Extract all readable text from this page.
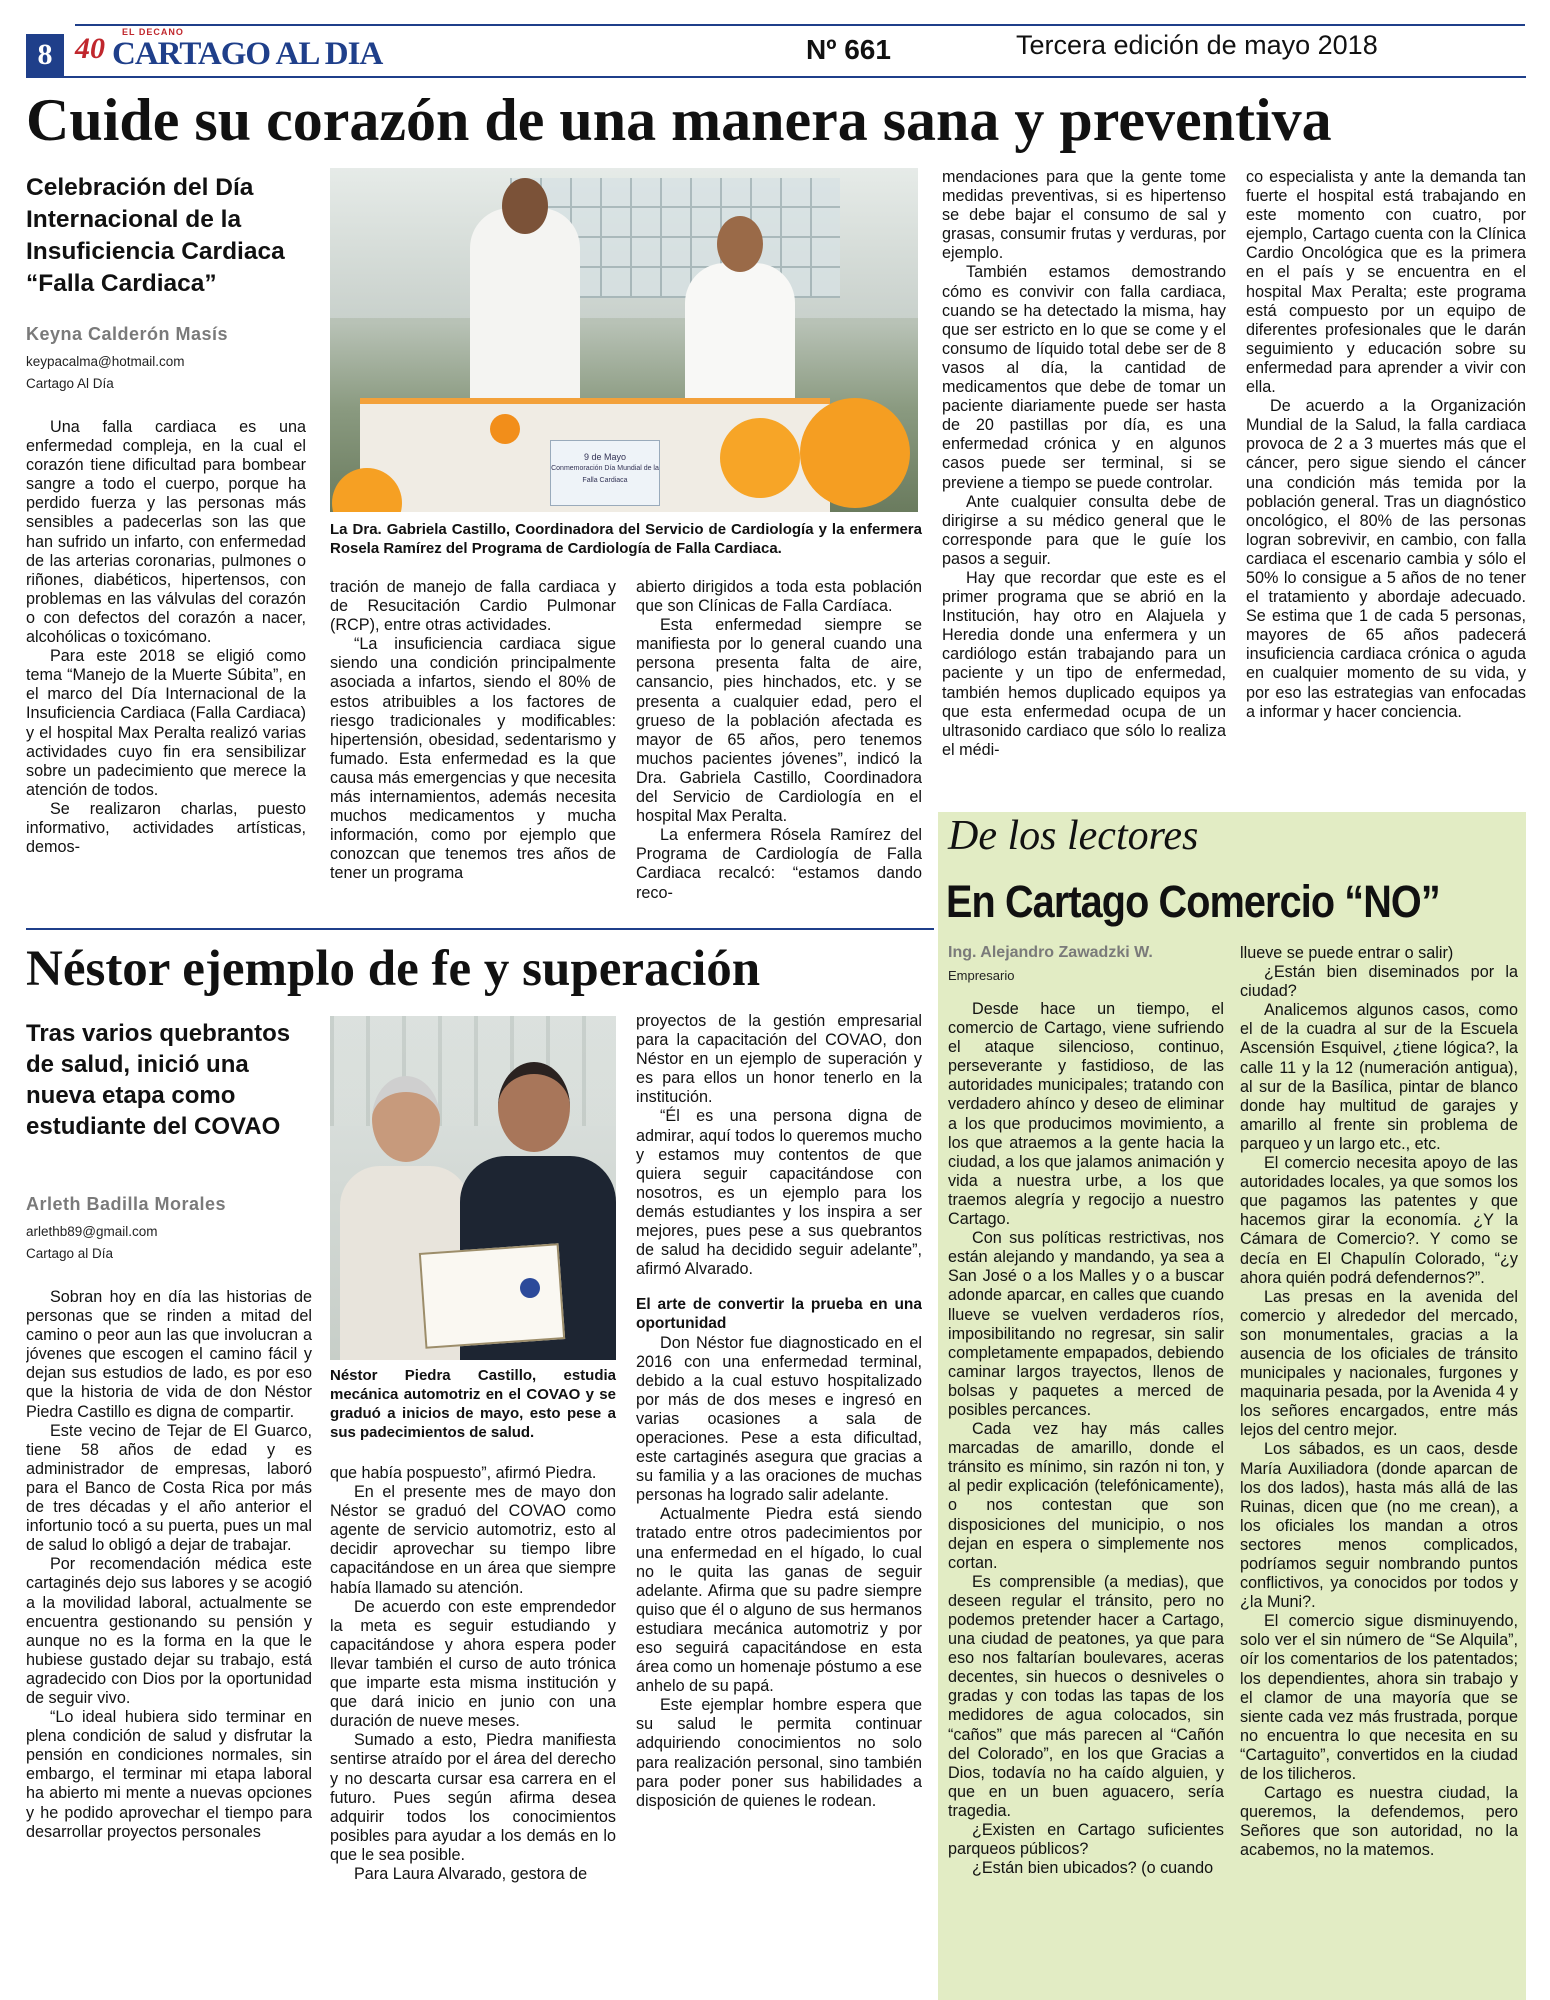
8
EL DECANO
40 CARTAGO AL DIA	Nº 661	Tercera edición de mayo 2018
Cuide su corazón de una manera sana y preventiva
Celebración del Día Internacional de la Insuficiencia Cardiaca “Falla Cardiaca”
Keyna Calderón Masís
keypacalma@hotmail.com
Cartago Al Día

Una falla cardiaca es una enfermedad compleja, en la cual el corazón tiene dificultad para bombear sangre a todo el cuerpo, porque ha perdido fuerza y las personas más sensibles a padecerlas son las que han sufrido un infarto, con enfermedad de las arterias coronarias, pulmones o riñones, diabéticos, hipertensos, con problemas en las válvulas del corazón o con defectos del corazón a nacer, alcohólicas o toxicómano.

Para este 2018 se eligió como tema “Manejo de la Muerte Súbita”, en el marco del Día Internacional de la Insuficiencia Cardiaca (Falla Cardiaca) y el hospital Max Peralta realizó varias actividades cuyo fin era sensibilizar sobre un padecimiento que merece la atención de todos.

Se realizaron charlas, puesto informativo, actividades artísticas, demos-

9 de Mayo
Conmemoración Día Mundial de la Falla Cardiaca
La Dra. Gabriela Castillo, Coordinadora del Servicio de Cardiología y la enfermera Rosela Ramírez del Programa de Cardiología de Falla Cardiaca.

tración de manejo de falla cardiaca y de Resucitación Cardio Pulmonar (RCP), entre otras actividades.

“La insuficiencia cardiaca sigue siendo una condición principalmente asociada a infartos, siendo el 80% de estos atribuibles a los factores de riesgo tradicionales y modificables: hipertensión, obesidad, sedentarismo y fumado. Esta enfermedad es la que causa más emergencias y que necesita más internamientos, además necesita muchos medicamentos y mucha información, como por ejemplo que conozcan que tenemos tres años de tener un programa

abierto dirigidos a toda esta población que son Clínicas de Falla Cardíaca.

Esta enfermedad siempre se manifiesta por lo general cuando una persona presenta falta de aire, cansancio, pies hinchados, etc. y se presenta a cualquier edad, pero el grueso de la población afectada es mayor de 65 años, pero tenemos muchos pacientes jóvenes”, indicó la Dra. Gabriela Castillo, Coordinadora del Servicio de Cardiología en el hospital Max Peralta.

La enfermera Rósela Ramírez del Programa de Cardiología de Falla Cardiaca recalcó: “estamos dando reco-

mendaciones para que la gente tome medidas preventivas, si es hipertenso se debe bajar el consumo de sal y grasas, consumir frutas y verduras, por ejemplo.

También estamos demostrando cómo es convivir con falla cardiaca, cuando se ha detectado la misma, hay que ser estricto en lo que se come y el consumo de líquido total debe ser de 8 vasos al día, la cantidad de medicamentos que debe de tomar un paciente diariamente puede ser hasta de 20 pastillas por día, es una enfermedad crónica y en algunos casos puede ser terminal, si se previene a tiempo se puede controlar.

Ante cualquier consulta debe de dirigirse a su médico general que le corresponde para que le guíe los pasos a seguir.

Hay que recordar que este es el primer programa que se abrió en la Institución, hay otro en Alajuela y Heredia donde una enfermera y un cardiólogo están trabajando para un paciente y un tipo de enfermedad, también hemos duplicado equipos ya que esta enfermedad ocupa de un ultrasonido cardiaco que sólo lo realiza el médi-

co especialista y ante la demanda tan fuerte el hospital está trabajando en este momento con cuatro, por ejemplo, Cartago cuenta con la Clínica Cardio Oncológica que es la primera en el país y se encuentra en el hospital Max Peralta; este programa está compuesto por un equipo de diferentes profesionales que le darán seguimiento y educación sobre su enfermedad para aprender a vivir con ella.

De acuerdo a la Organización Mundial de la Salud, la falla cardiaca provoca de 2 a 3 muertes más que el cáncer, pero sigue siendo el cáncer una condición más temida por la población general. Tras un diagnóstico oncológico, el 80% de las personas logran sobrevivir, en cambio, con falla cardiaca el escenario cambia y sólo el 50% lo consigue a 5 años de no tener el tratamiento y abordaje adecuado. Se estima que 1 de cada 5 personas, mayores de 65 años padecerá insuficiencia cardiaca crónica o aguda en cualquier momento de su vida, y por eso las estrategias van enfocadas a informar y hacer conciencia.

Néstor ejemplo de fe y superación
Tras varios quebrantos de salud, inició una nueva etapa como estudiante del COVAO
Arleth Badilla Morales
arlethb89@gmail.com
Cartago al Día

Sobran hoy en día las historias de personas que se rinden a mitad del camino o peor aun las que involucran a jóvenes que escogen el camino fácil y dejan sus estudios de lado, es por eso que la historia de vida de don Néstor Piedra Castillo es digna de compartir.

Este vecino de Tejar de El Guarco, tiene 58 años de edad y es administrador de empresas, laboró para el Banco de Costa Rica por más de tres décadas y el año anterior el infortunio tocó a su puerta, pues un mal de salud lo obligó a dejar de trabajar.

Por recomendación médica este cartaginés dejo sus labores y se acogió a la movilidad laboral, actualmente se encuentra gestionando su pensión y aunque no es la forma en la que le hubiese gustado dejar su trabajo, está agradecido con Dios por la oportunidad de seguir vivo.

“Lo ideal hubiera sido terminar en plena condición de salud y disfrutar la pensión en condiciones normales, sin embargo, el terminar mi etapa laboral ha abierto mi mente a nuevas opciones y he podido aprovechar el tiempo para desarrollar proyectos personales

Néstor Piedra Castillo, estudia mecánica automotriz en el COVAO y se graduó a inicios de mayo, esto pese a sus padecimientos de salud.

que había pospuesto”, afirmó Piedra.

En el presente mes de mayo don Néstor se graduó del COVAO como agente de servicio automotriz, esto al decidir aprovechar su tiempo libre capacitándose en un área que siempre había llamado su atención.

De acuerdo con este emprendedor la meta es seguir estudiando y capacitándose y ahora espera poder llevar también el curso de auto trónica que imparte esta misma institución y que dará inicio en junio con una duración de nueve meses.

Sumado a esto, Piedra manifiesta sentirse atraído por el área del derecho y no descarta cursar esa carrera en el futuro. Pues según afirma desea adquirir todos los conocimientos posibles para ayudar a los demás en lo que le sea posible.

Para Laura Alvarado, gestora de

proyectos de la gestión empresarial para la capacitación del COVAO, don Néstor en un ejemplo de superación y es para ellos un honor tenerlo en la institución.

“Él es una persona digna de admirar, aquí todos lo queremos mucho y estamos muy contentos de que quiera seguir capacitándose con nosotros, es un ejemplo para los demás estudiantes y los inspira a ser mejores, pues pese a sus quebrantos de salud ha decidido seguir adelante”, afirmó Alvarado.

El arte de convertir la prueba en una oportunidad

Don Néstor fue diagnosticado en el 2016 con una enfermedad terminal, debido a la cual estuvo hospitalizado por más de dos meses e ingresó en varias ocasiones a sala de operaciones. Pese a esta dificultad, este cartaginés asegura que gracias a su familia y a las oraciones de muchas personas ha logrado salir adelante.

Actualmente Piedra está siendo tratado entre otros padecimientos por una enfermedad en el hígado, lo cual no le quita las ganas de seguir adelante. Afirma que su padre siempre quiso que él o alguno de sus hermanos estudiara mecánica automotriz y por eso seguirá capacitándose en esta área como un homenaje póstumo a ese anhelo de su papá.

Este ejemplar hombre espera que su salud le permita continuar adquiriendo conocimientos no solo para realización personal, sino también para poder poner sus habilidades a disposición de quienes le rodean.

De los lectores
En Cartago Comercio “NO”
Ing. Alejandro Zawadzki W.
Empresario

Desde hace un tiempo, el comercio de Cartago, viene sufriendo el ataque silencioso, continuo, perseverante y fastidioso, de las autoridades municipales; tratando con verdadero ahínco y deseo de eliminar a los que producimos movimiento, a los que atraemos a la gente hacia la ciudad, a los que jalamos animación y vida a nuestra urbe, a los que traemos alegría y regocijo a nuestro Cartago.

Con sus políticas restrictivas, nos están alejando y mandando, ya sea a San José o a los Malles y o a buscar adonde aparcar, en calles que cuando llueve se vuelven verdaderos ríos, imposibilitando no regresar, sin salir completamente empapados, debiendo caminar largos trayectos, llenos de bolsas y paquetes a merced de posibles percances.

Cada vez hay más calles marcadas de amarillo, donde el tránsito es mínimo, sin razón ni ton, y al pedir explicación (telefónicamente), o nos contestan que son disposiciones del municipio, o nos dejan en espera o simplemente nos cortan.

Es comprensible (a medias), que deseen regular el tránsito, pero no podemos pretender hacer a Cartago, una ciudad de peatones, ya que para eso nos faltarían boulevares, aceras decentes, sin huecos o desniveles o gradas y con todas las tapas de los medidores de agua colocados, sin “caños” que más parecen al “Cañón del Colorado”, en los que Gracias a Dios, todavía no ha caído alguien, y que en un buen aguacero, sería tragedia.

¿Existen en Cartago suficientes parqueos públicos?

¿Están bien ubicados? (o cuando

llueve se puede entrar o salir)

¿Están bien diseminados por la ciudad?

Analicemos algunos casos, como el de la cuadra al sur de la Escuela Ascensión Esquivel, ¿tiene lógica?, la calle 11 y la 12 (numeración antigua), al sur de la Basílica, pintar de blanco donde hay multitud de garajes y amarillo al frente sin problema de parqueo y un largo etc., etc.

El comercio necesita apoyo de las autoridades locales, ya que somos los que pagamos las patentes y que hacemos girar la economía. ¿Y la Cámara de Comercio?. Y como se decía en El Chapulín Colorado, “¿y ahora quién podrá defendernos?”.

Las presas en la avenida del comercio y alrededor del mercado, son monumentales, gracias a la ausencia de los oficiales de tránsito municipales y nacionales, furgones y maquinaria pesada, por la Avenida 4 y los señores encargados, entre más lejos del centro mejor.

Los sábados, es un caos, desde María Auxiliadora (donde aparcan de los dos lados), hasta más allá de las Ruinas, dicen que (no me crean), a los oficiales los mandan a otros sectores menos complicados, podríamos seguir nombrando puntos conflictivos, ya conocidos por todos y ¿la Muni?.

El comercio sigue disminuyendo, solo ver el sin número de “Se Alquila”, oír los comentarios de los patentados; los dependientes, ahora sin trabajo y el clamor de una mayoría que se siente cada vez más frustrada, porque no encuentra lo que necesita en su “Cartaguito”, convertidos en la ciudad de los tilicheros.

Cartago es nuestra ciudad, la queremos, la defendemos, pero Señores que son autoridad, no la acabemos, no la matemos.
